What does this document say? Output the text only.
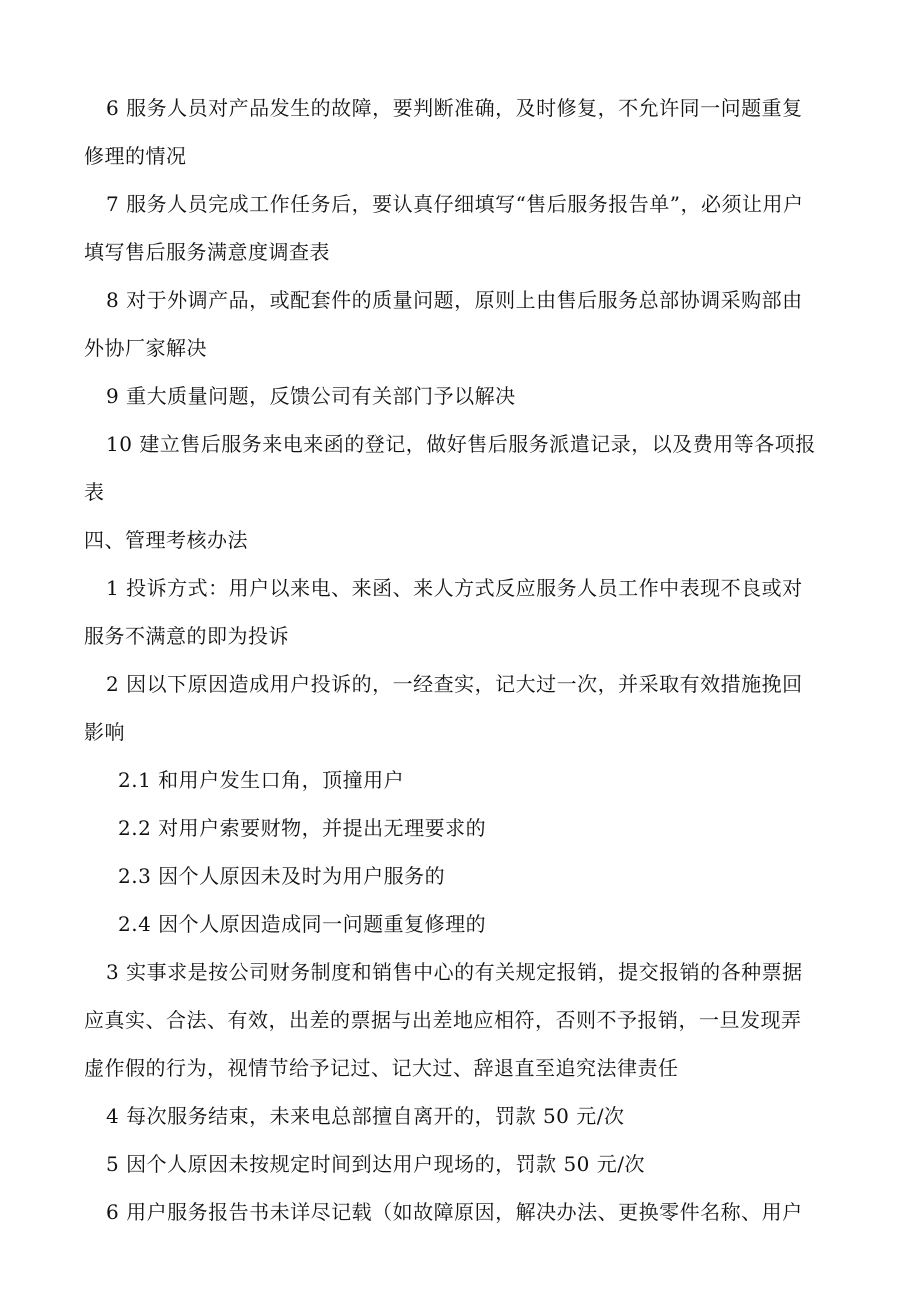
6 服务人员对产品发生的故障，要判断准确，及时修复，不允许同一问题重复
修理的情况
7 服务人员完成工作任务后，要认真仔细填写“售后服务报告单”，必须让用户
填写售后服务满意度调查表
8 对于外调产品，或配套件的质量问题，原则上由售后服务总部协调采购部由
外协厂家解决
9 重大质量问题，反馈公司有关部门予以解决
10 建立售后服务来电来函的登记，做好售后服务派遣记录，以及费用等各项报
表
四、管理考核办法
1 投诉方式：用户以来电、来函、来人方式反应服务人员工作中表现不良或对
服务不满意的即为投诉
2 因以下原因造成用户投诉的，一经查实，记大过一次，并采取有效措施挽回
影响
2.1 和用户发生口角，顶撞用户
2.2 对用户索要财物，并提出无理要求的
2.3 因个人原因未及时为用户服务的
2.4 因个人原因造成同一问题重复修理的
3 实事求是按公司财务制度和销售中心的有关规定报销，提交报销的各种票据
应真实、合法、有效，出差的票据与出差地应相符，否则不予报销，一旦发现弄
虚作假的行为，视情节给予记过、记大过、辞退直至追究法律责任
4 每次服务结束，未来电总部擅自离开的，罚款 50 元/次
5 因个人原因未按规定时间到达用户现场的，罚款 50 元/次
6 用户服务报告书未详尽记载（如故障原因，解决办法、更换零件名称、用户
